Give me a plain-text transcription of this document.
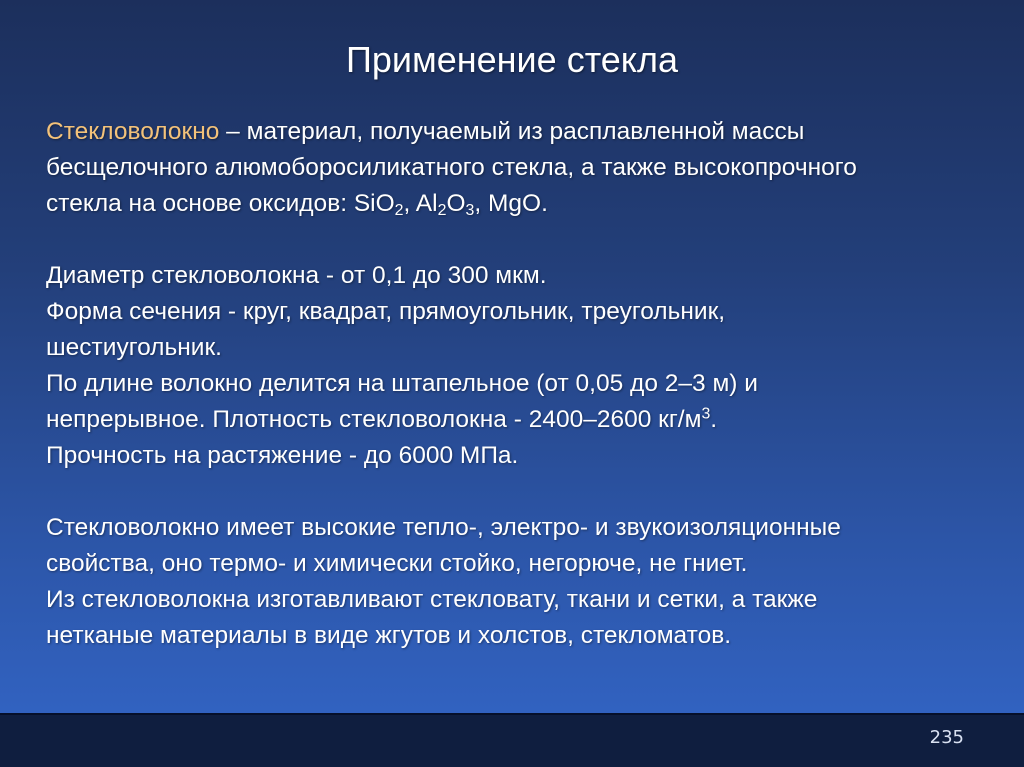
Применение стекла
Стекловолокно – материал, получаемый из расплавленной массы
бесщелочного алюмоборосиликатного стекла, а также высокопрочного
стекла на основе оксидов: SiO$_2$, $Al_2O_3$, MgO.
Диаметр стекловолокна - от 0,1 до 300 мкм.
Форма сечения - круг, квадрат, прямоугольник, треугольник,
шестиугольник.
По длине волокно делится на штапельное (от 0,05 до 2–3 м) и
непрерывное. Плотность стекловолокна - 2400–2600 $кг/м^3$.
Прочность на растяжение - до 6000 МПа.
Стекловолокно имеет высокие тепло-, электро- и звукоизоляционные
свойства, оно термо- и химически стойко, негорюче, не гниет.
Из стекловолокна изготавливают стекловату, ткани и сетки, а также
нетканые материалы в виде жгутов и холстов, стекломатов.
235
